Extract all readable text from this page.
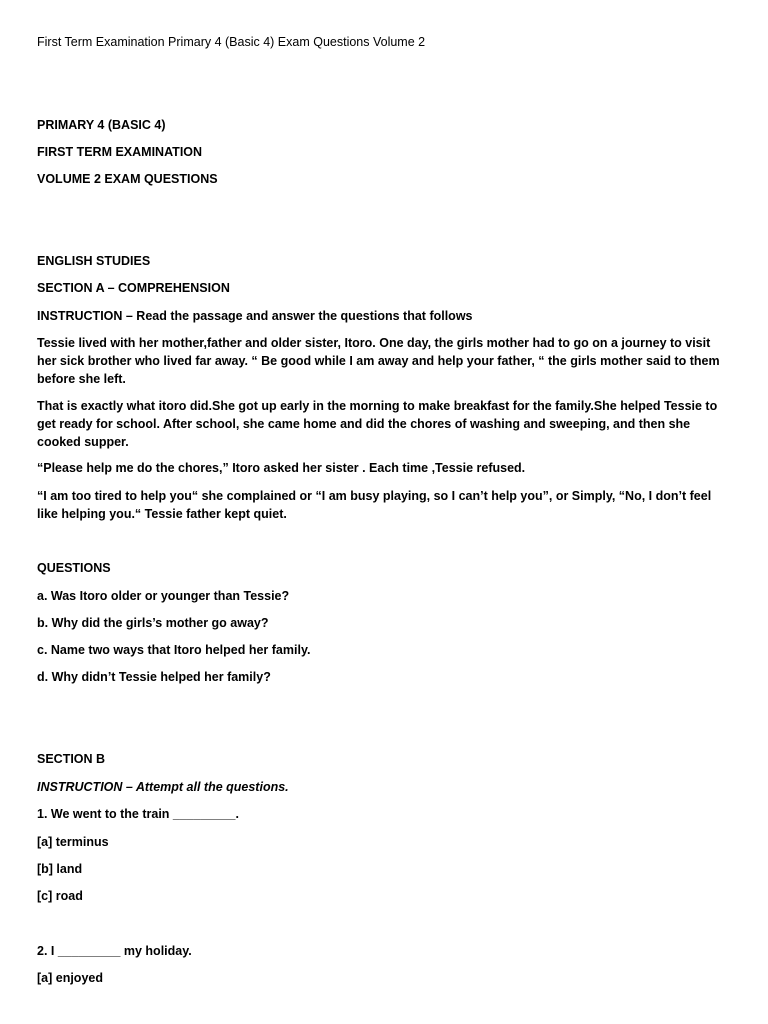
First Term Examination Primary 4 (Basic 4) Exam Questions Volume 2

PRIMARY 4 (BASIC 4)

FIRST TERM EXAMINATION

VOLUME 2 EXAM QUESTIONS

ENGLISH STUDIES

SECTION A – COMPREHENSION

INSTRUCTION – Read the passage and answer the questions that follows

Tessie lived with her mother,father and older sister, Itoro. One day, the girls mother had to go on a journey to visit her sick brother who lived far away. “ Be good while I am away and help your father, “ the girls mother said to them before she left.

That is exactly what itoro did.She got up early in the morning to make breakfast for the family.She helped Tessie to get ready for school. After school, she came home and did the chores of washing and sweeping, and then she cooked supper.

“Please help me do the chores,” Itoro asked her sister . Each time ,Tessie refused.

“I am too tired to help you“ she complained or “I am busy playing, so I can’t help you”, or Simply, “No, I don’t feel like helping you.“ Tessie father kept quiet.

QUESTIONS

a. Was Itoro older or younger than Tessie?

b. Why did the girls’s mother go away?

c. Name two ways that Itoro helped her family.

d. Why didn’t Tessie helped her family?

SECTION B

INSTRUCTION – Attempt all the questions.

1. We went to the train _________.

[a] terminus

[b] land

[c] road

2. I _________ my holiday.

[a] enjoyed
